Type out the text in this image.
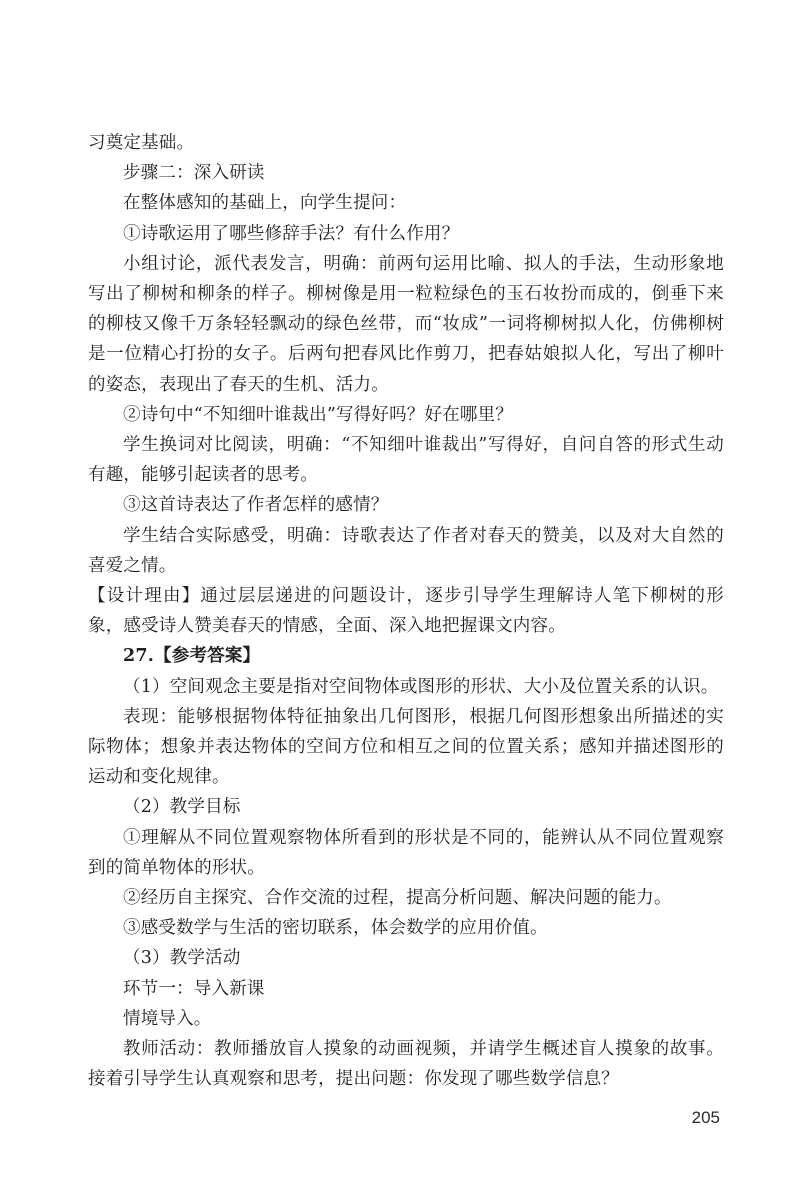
习奠定基础。

步骤二：深入研读

在整体感知的基础上，向学生提问：

①诗歌运用了哪些修辞手法？有什么作用？

小组讨论，派代表发言，明确：前两句运用比喻、拟人的手法，生动形象地写出了柳树和柳条的样子。柳树像是用一粒粒绿色的玉石妆扮而成的，倒垂下来的柳枝又像千万条轻轻飘动的绿色丝带，而“妆成”一词将柳树拟人化，仿佛柳树是一位精心打扮的女子。后两句把春风比作剪刀，把春姑娘拟人化，写出了柳叶的姿态，表现出了春天的生机、活力。

②诗句中“不知细叶谁裁出”写得好吗？好在哪里？

学生换词对比阅读，明确：“不知细叶谁裁出”写得好，自问自答的形式生动有趣，能够引起读者的思考。

③这首诗表达了作者怎样的感情？

学生结合实际感受，明确：诗歌表达了作者对春天的赞美，以及对大自然的喜爱之情。

【设计理由】通过层层递进的问题设计，逐步引导学生理解诗人笔下柳树的形象，感受诗人赞美春天的情感，全面、深入地把握课文内容。

27.【参考答案】

（1）空间观念主要是指对空间物体或图形的形状、大小及位置关系的认识。

表现：能够根据物体特征抽象出几何图形，根据几何图形想象出所描述的实际物体；想象并表达物体的空间方位和相互之间的位置关系；感知并描述图形的运动和变化规律。

（2）教学目标

①理解从不同位置观察物体所看到的形状是不同的，能辨认从不同位置观察到的简单物体的形状。

②经历自主探究、合作交流的过程，提高分析问题、解决问题的能力。

③感受数学与生活的密切联系，体会数学的应用价值。

（3）教学活动

环节一：导入新课

情境导入。

教师活动：教师播放盲人摸象的动画视频，并请学生概述盲人摸象的故事。接着引导学生认真观察和思考，提出问题：你发现了哪些数学信息？

205
